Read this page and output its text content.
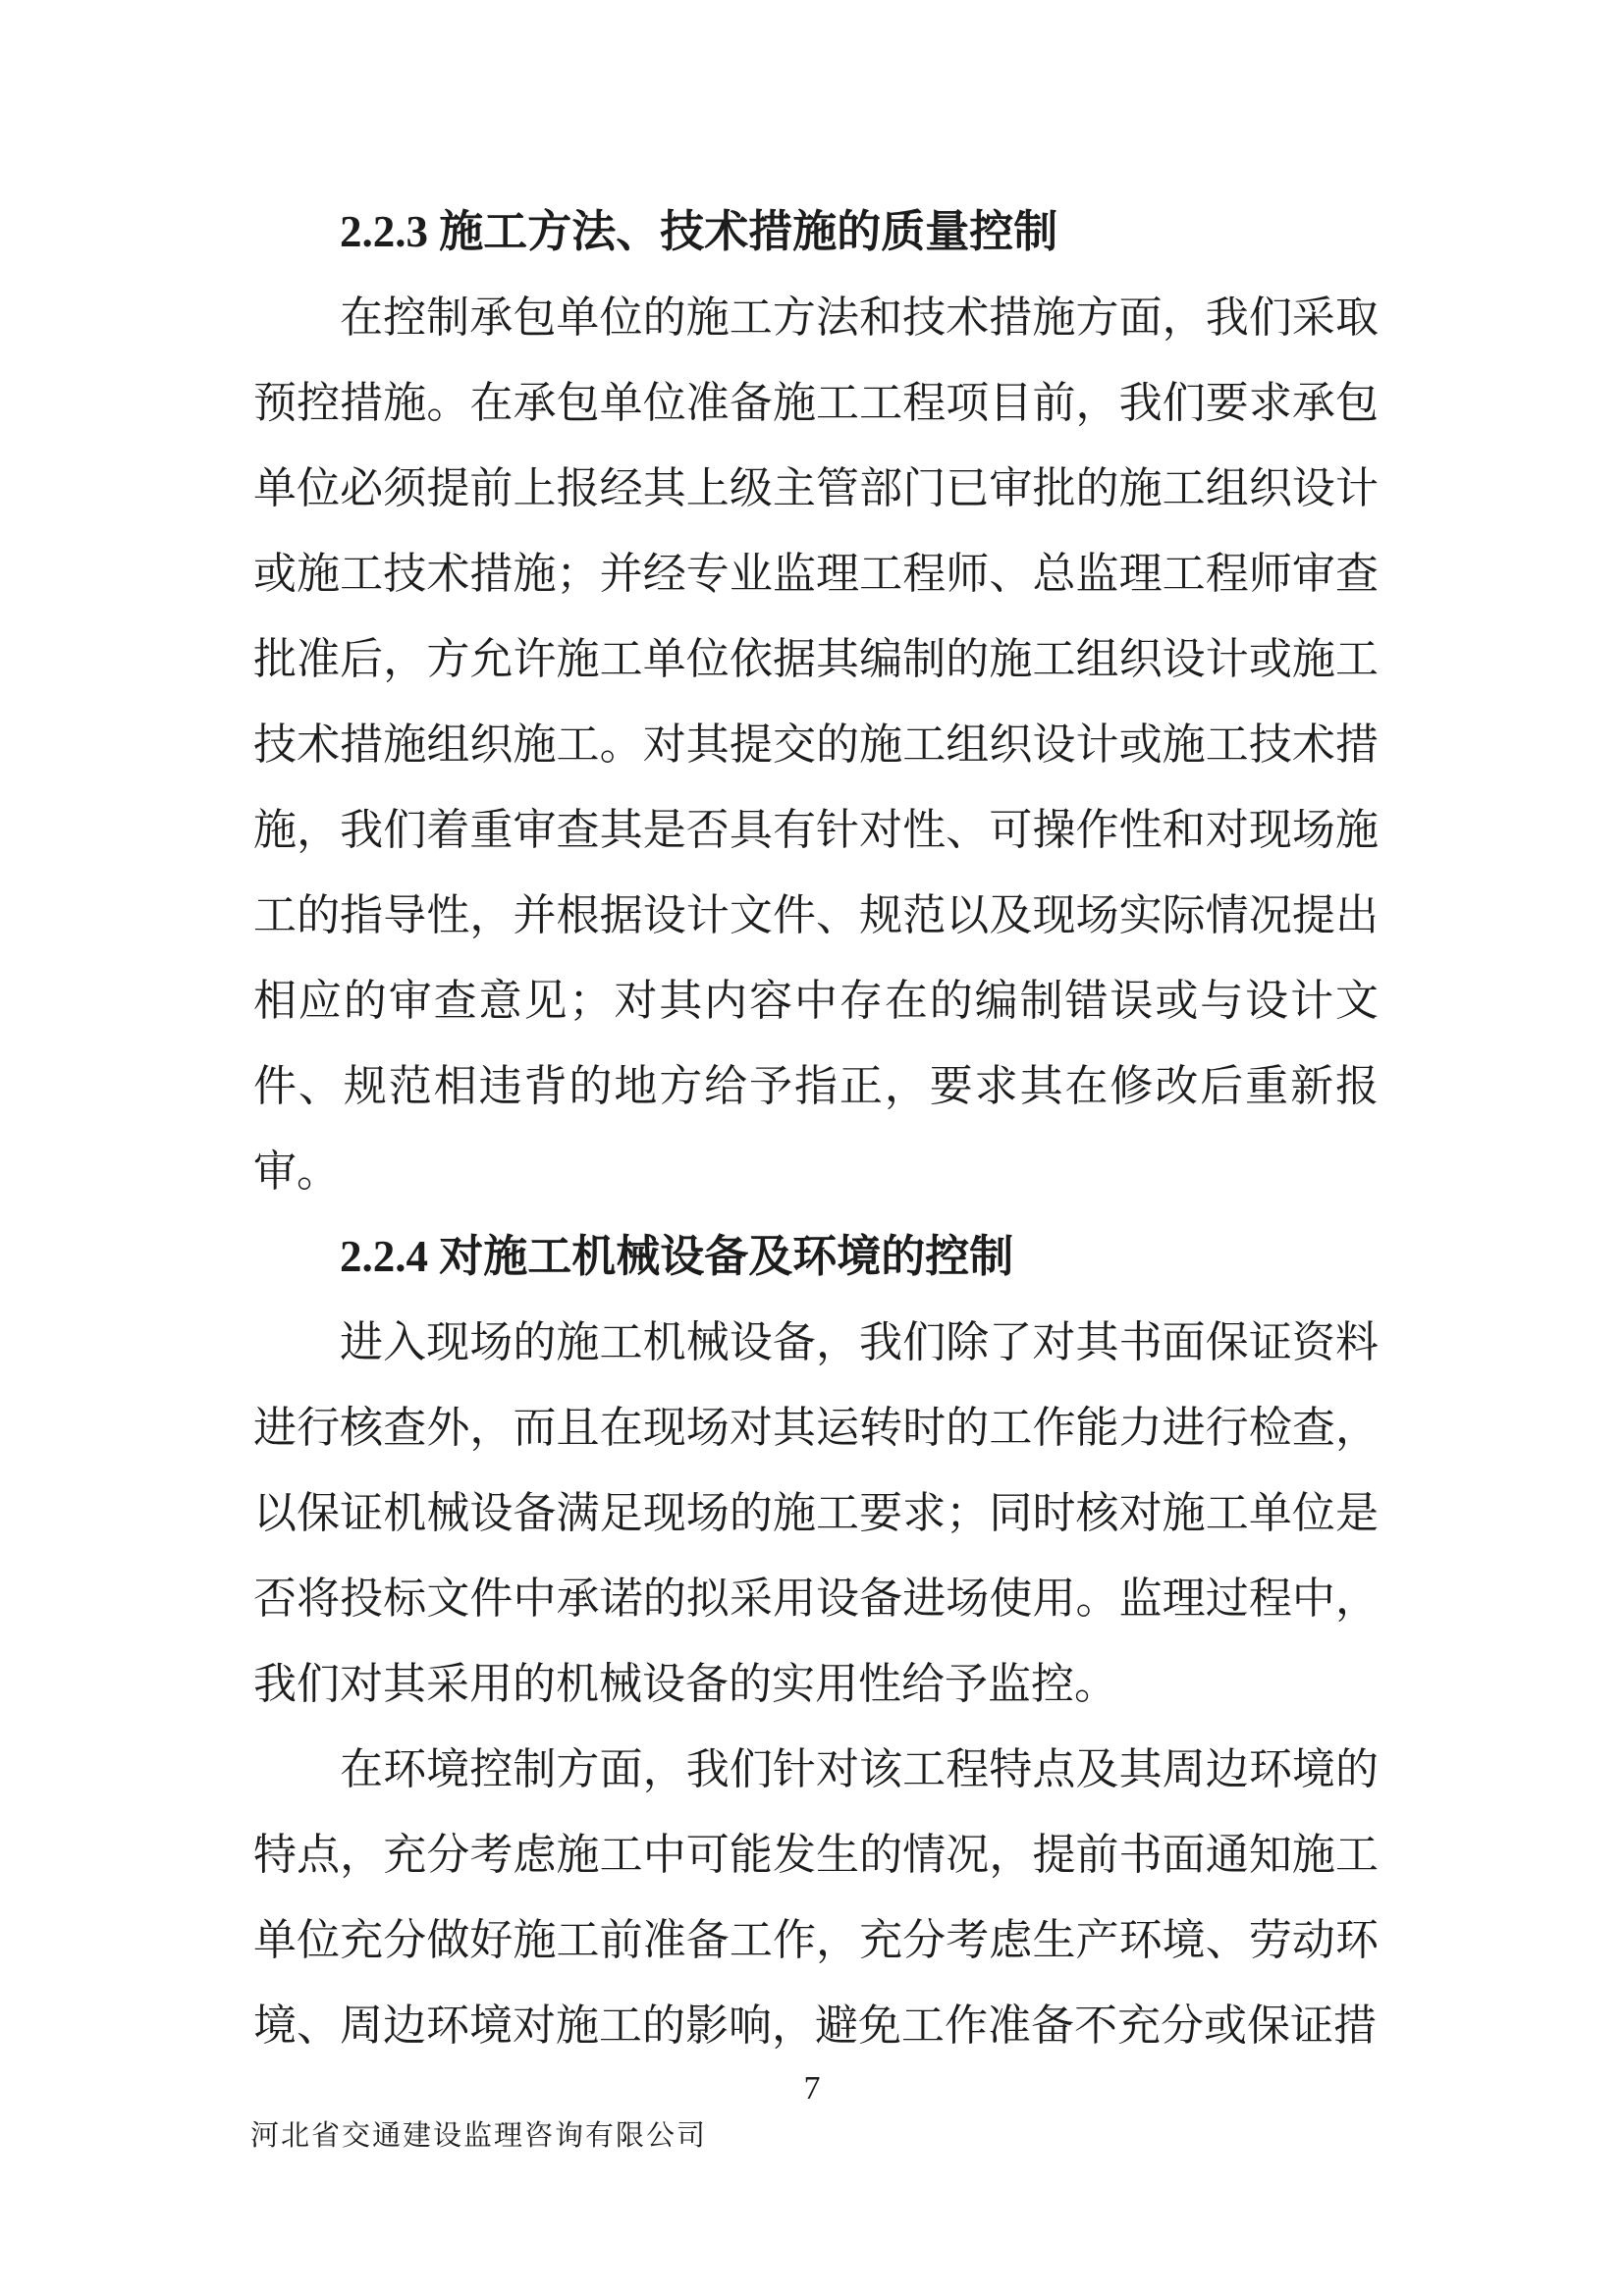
2.2.3 施工方法、技术措施的质量控制

在控制承包单位的施工方法和技术措施方面，我们采取预控措施。在承包单位准备施工工程项目前，我们要求承包单位必须提前上报经其上级主管部门已审批的施工组织设计或施工技术措施；并经专业监理工程师、总监理工程师审查批准后，方允许施工单位依据其编制的施工组织设计或施工技术措施组织施工。对其提交的施工组织设计或施工技术措施，我们着重审查其是否具有针对性、可操作性和对现场施工的指导性，并根据设计文件、规范以及现场实际情况提出相应的审查意见；对其内容中存在的编制错误或与设计文件、规范相违背的地方给予指正，要求其在修改后重新报审。

2.2.4 对施工机械设备及环境的控制

进入现场的施工机械设备，我们除了对其书面保证资料进行核查外，而且在现场对其运转时的工作能力进行检查，以保证机械设备满足现场的施工要求；同时核对施工单位是否将投标文件中承诺的拟采用设备进场使用。监理过程中，我们对其采用的机械设备的实用性给予监控。

在环境控制方面，我们针对该工程特点及其周边环境的特点，充分考虑施工中可能发生的情况，提前书面通知施工单位充分做好施工前准备工作，充分考虑生产环境、劳动环境、周边环境对施工的影响，避免工作准备不充分或保证措

7
河北省交通建设监理咨询有限公司
